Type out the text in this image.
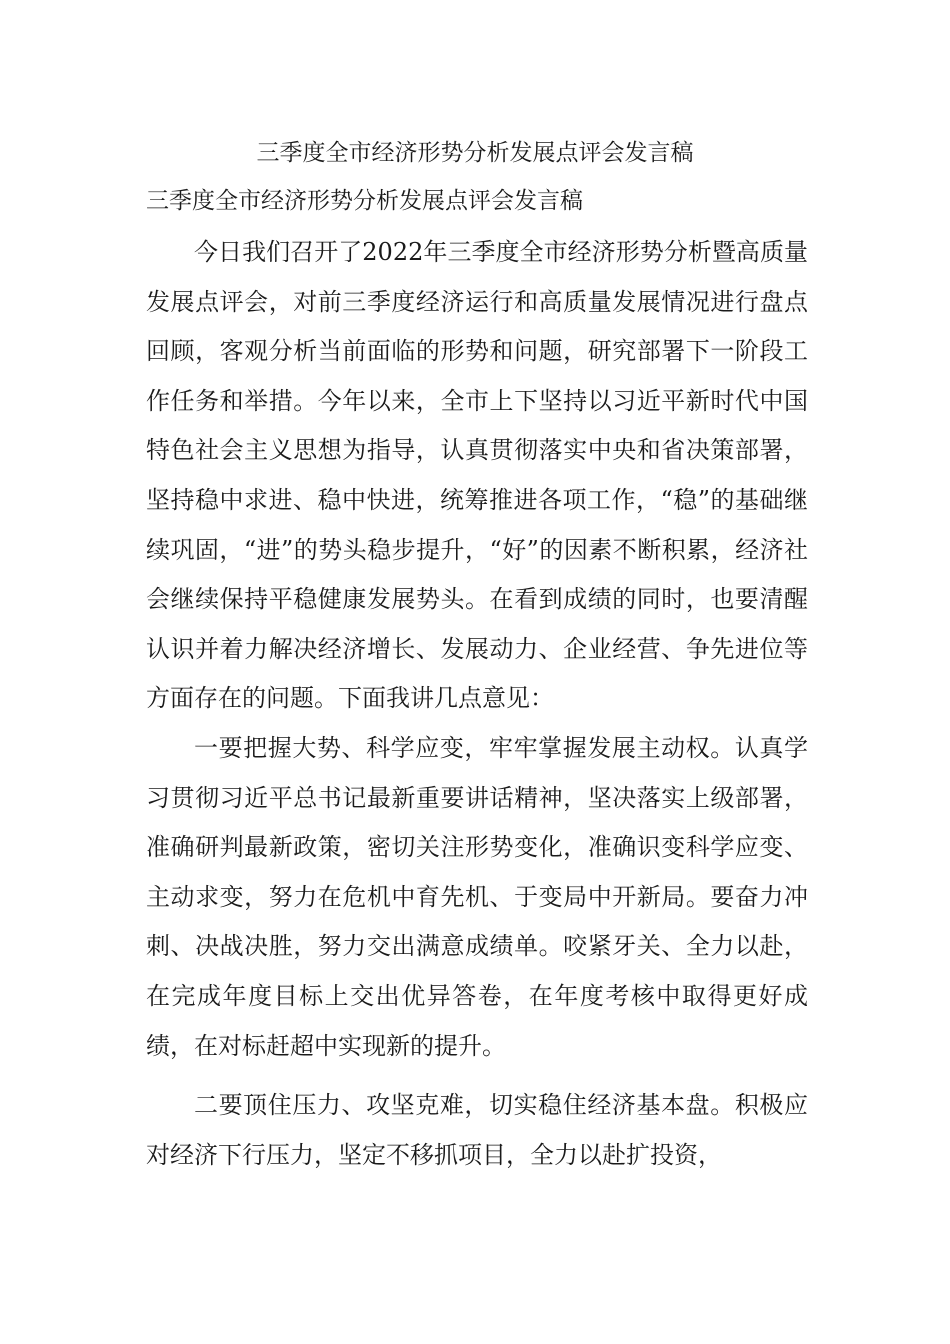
三季度全市经济形势分析发展点评会发言稿
三季度全市经济形势分析发展点评会发言稿

今日我们召开了2022年三季度全市经济形势分析暨高质量发展点评会，对前三季度经济运行和高质量发展情况进行盘点回顾，客观分析当前面临的形势和问题，研究部署下一阶段工作任务和举措。今年以来，全市上下坚持以习近平新时代中国特色社会主义思想为指导，认真贯彻落实中央和省决策部署，坚持稳中求进、稳中快进，统筹推进各项工作，“稳”的基础继续巩固，“进”的势头稳步提升，“好”的因素不断积累，经济社会继续保持平稳健康发展势头。在看到成绩的同时，也要清醒认识并着力解决经济增长、发展动力、企业经营、争先进位等方面存在的问题。下面我讲几点意见：

一要把握大势、科学应变，牢牢掌握发展主动权。认真学习贯彻习近平总书记最新重要讲话精神，坚决落实上级部署，准确研判最新政策，密切关注形势变化，准确识变科学应变、主动求变，努力在危机中育先机、于变局中开新局。要奋力冲刺、决战决胜，努力交出满意成绩单。咬紧牙关、全力以赴，在完成年度目标上交出优异答卷，在年度考核中取得更好成绩，在对标赶超中实现新的提升。

二要顶住压力、攻坚克难，切实稳住经济基本盘。积极应对经济下行压力，坚定不移抓项目，全力以赴扩投资，
